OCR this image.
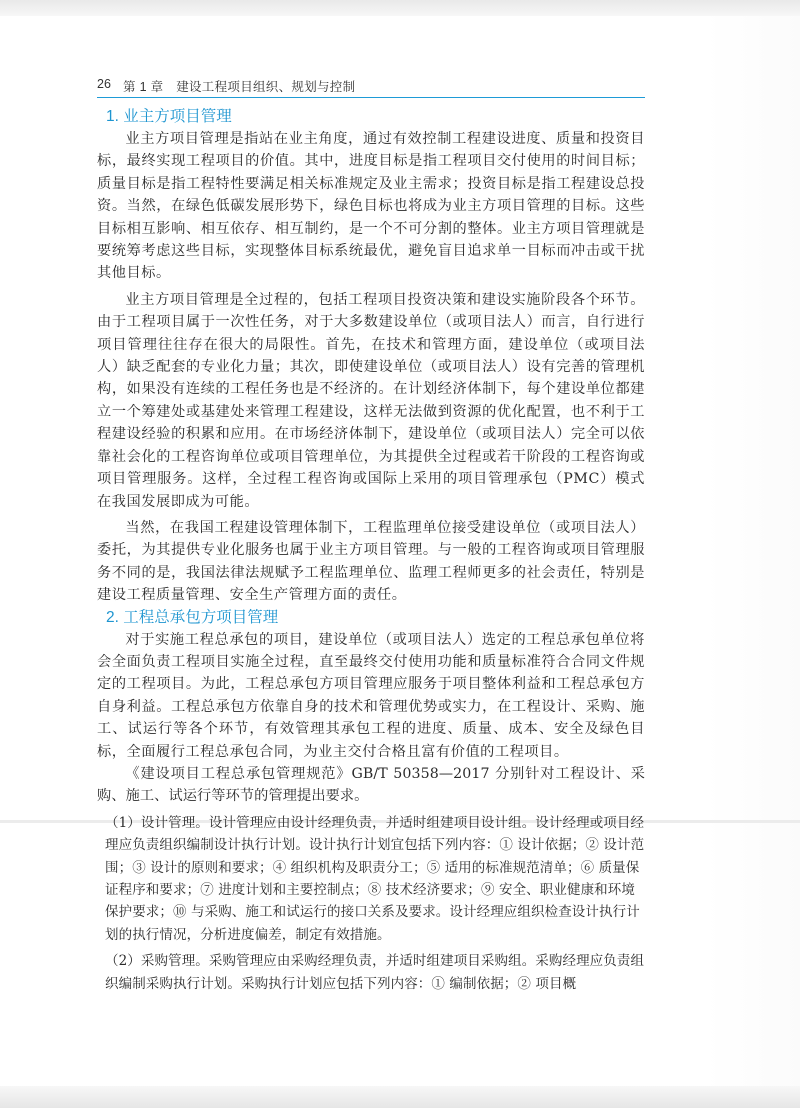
26 第 1 章　建设工程项目组织、规划与控制
1. 业主方项目管理

业主方项目管理是指站在业主角度，通过有效控制工程建设进度、质量和投资目标，最终实现工程项目的价值。其中，进度目标是指工程项目交付使用的时间目标；质量目标是指工程特性要满足相关标准规定及业主需求；投资目标是指工程建设总投资。当然，在绿色低碳发展形势下，绿色目标也将成为业主方项目管理的目标。这些目标相互影响、相互依存、相互制约，是一个不可分割的整体。业主方项目管理就是要统筹考虑这些目标，实现整体目标系统最优，避免盲目追求单一目标而冲击或干扰其他目标。

业主方项目管理是全过程的，包括工程项目投资决策和建设实施阶段各个环节。由于工程项目属于一次性任务，对于大多数建设单位（或项目法人）而言，自行进行项目管理往往存在很大的局限性。首先，在技术和管理方面，建设单位（或项目法人）缺乏配套的专业化力量；其次，即使建设单位（或项目法人）设有完善的管理机构，如果没有连续的工程任务也是不经济的。在计划经济体制下，每个建设单位都建立一个筹建处或基建处来管理工程建设，这样无法做到资源的优化配置，也不利于工程建设经验的积累和应用。在市场经济体制下，建设单位（或项目法人）完全可以依靠社会化的工程咨询单位或项目管理单位，为其提供全过程或若干阶段的工程咨询或项目管理服务。这样，全过程工程咨询或国际上采用的项目管理承包（PMC）模式在我国发展即成为可能。

当然，在我国工程建设管理体制下，工程监理单位接受建设单位（或项目法人）委托，为其提供专业化服务也属于业主方项目管理。与一般的工程咨询或项目管理服务不同的是，我国法律法规赋予工程监理单位、监理工程师更多的社会责任，特别是建设工程质量管理、安全生产管理方面的责任。

2. 工程总承包方项目管理

对于实施工程总承包的项目，建设单位（或项目法人）选定的工程总承包单位将会全面负责工程项目实施全过程，直至最终交付使用功能和质量标准符合合同文件规定的工程项目。为此，工程总承包方项目管理应服务于项目整体利益和工程总承包方自身利益。工程总承包方依靠自身的技术和管理优势或实力，在工程设计、采购、施工、试运行等各个环节，有效管理其承包工程的进度、质量、成本、安全及绿色目标，全面履行工程总承包合同，为业主交付合格且富有价值的工程项目。

《建设项目工程总承包管理规范》GB/T 50358—2017 分别针对工程设计、采购、施工、试运行等环节的管理提出要求。

（1）设计管理。设计管理应由设计经理负责，并适时组建项目设计组。设计经理或项目经理应负责组织编制设计执行计划。设计执行计划宜包括下列内容：① 设计依据；② 设计范围；③ 设计的原则和要求；④ 组织机构及职责分工；⑤ 适用的标准规范清单；⑥ 质量保证程序和要求；⑦ 进度计划和主要控制点；⑧ 技术经济要求；⑨ 安全、职业健康和环境保护要求；⑩ 与采购、施工和试运行的接口关系及要求。设计经理应组织检查设计执行计划的执行情况，分析进度偏差，制定有效措施。

（2）采购管理。采购管理应由采购经理负责，并适时组建项目采购组。采购经理应负责组织编制采购执行计划。采购执行计划应包括下列内容：① 编制依据；② 项目概
